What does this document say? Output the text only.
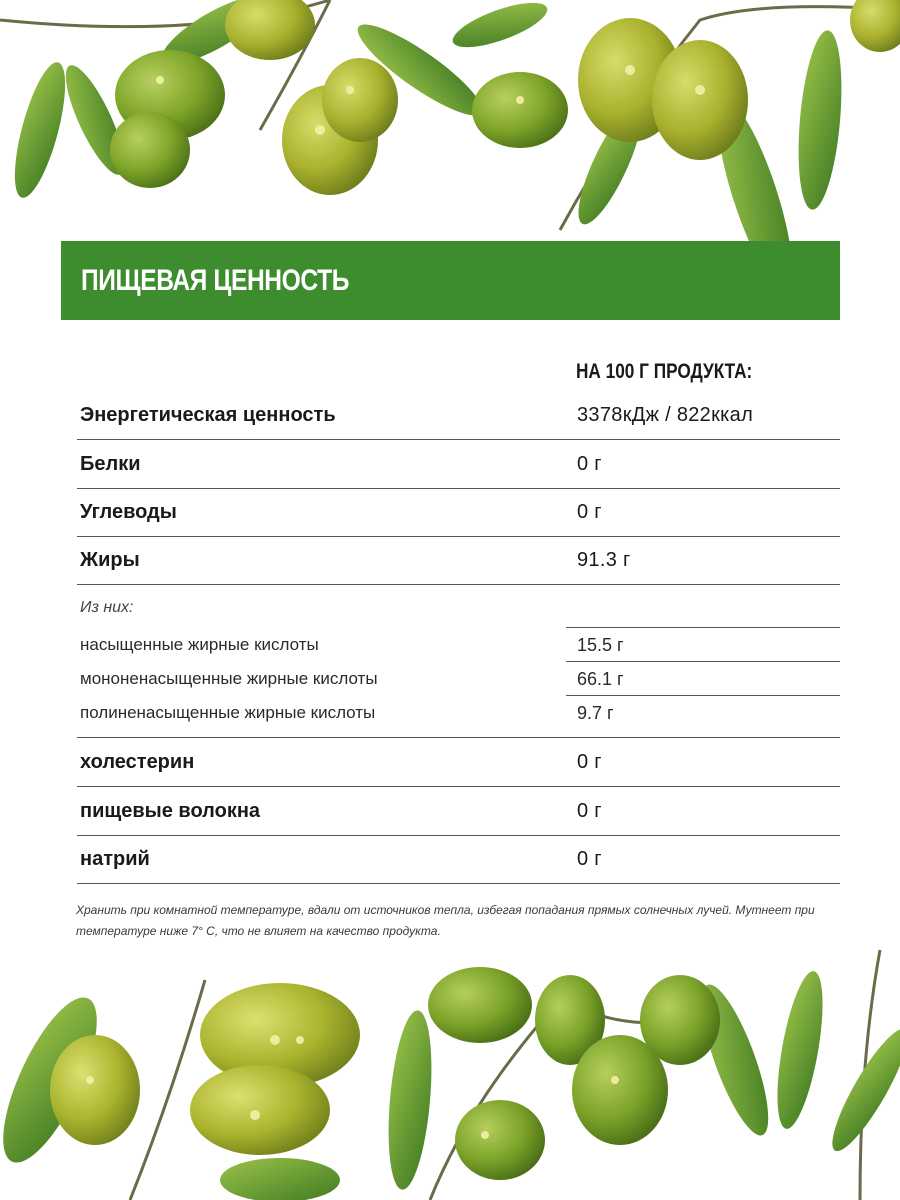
ПИЩЕВАЯ ЦЕННОСТЬ
НА 100 Г ПРОДУКТА:
Энергетическая ценность	3378кДж / 822ккал
Белки	0 г
Углеводы	0 г
Жиры	91.3 г
Из них:
насыщенные жирные кислоты	15.5 г
мононенасыщенные жирные кислоты	66.1 г
полиненасыщенные жирные кислоты	9.7 г
холестерин	0 г
пищевые волокна	0 г
натрий	0 г
Хранить при комнатной температуре, вдали от источников тепла, избегая попадания прямых солнечных лучей. Мутнеет при температуре ниже 7° С, что не влияет на качество продукта.
